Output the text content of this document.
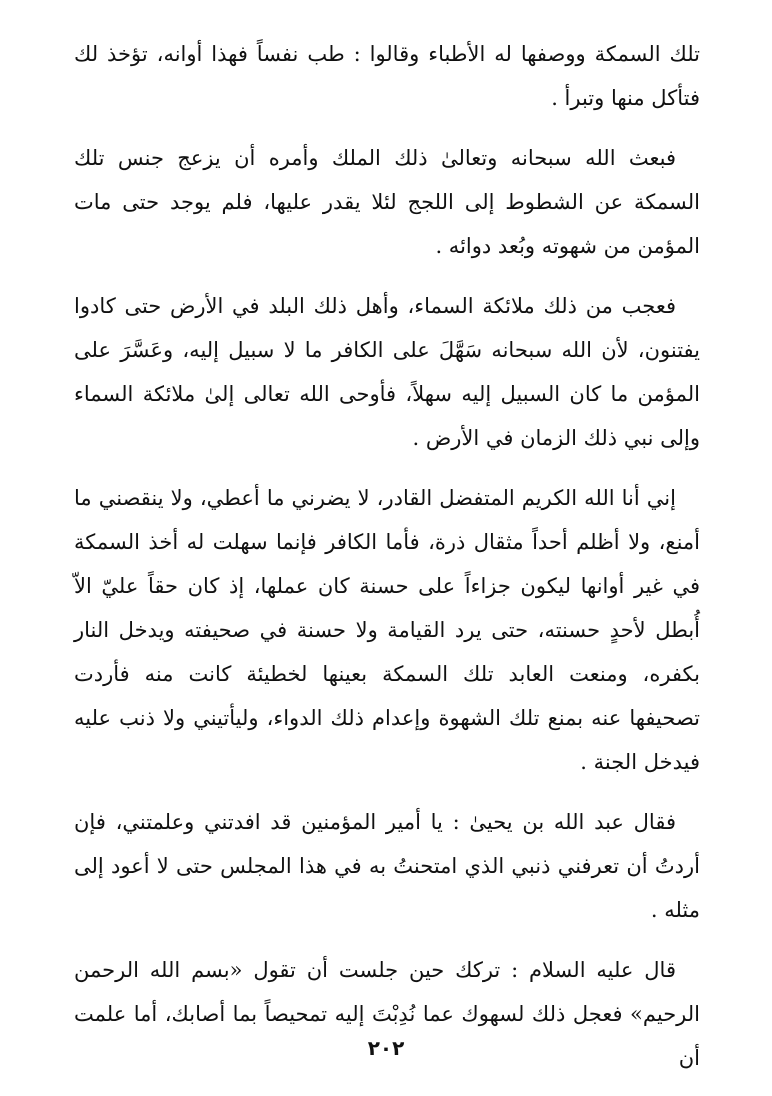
تلك السمكة ووصفها له الأطباء وقالوا : طب نفساً فهذا أوانه، تؤخذ لك فتأكل منها وتبرأ .

فبعث الله سبحانه وتعالىٰ ذلك الملك وأمره أن يزعج جنس تلك السمكة عن الشطوط إلى اللجج لئلا يقدر عليها، فلم يوجد حتى مات المؤمن من شهوته وبُعد دوائه .

فعجب من ذلك ملائكة السماء، وأهل ذلك البلد في الأرض حتى كادوا يفتنون، لأن الله سبحانه سَهَّلَ على الكافر ما لا سبيل إليه، وعَسَّرَ على المؤمن ما كان السبيل إليه سهلاً، فأوحى الله تعالى إلىٰ ملائكة السماء وإلى نبي ذلك الزمان في الأرض .

إني أنا الله الكريم المتفضل القادر، لا يضرني ما أعطي، ولا ينقصني ما أمنع، ولا أظلم أحداً مثقال ذرة، فأما الكافر فإنما سهلت له أخذ السمكة في غير أوانها ليكون جزاءاً على حسنة كان عملها، إذ كان حقاً عليّ الاّ أُبطل لأحدٍ حسنته، حتى يرد القيامة ولا حسنة في صحيفته ويدخل النار بكفره، ومنعت العابد تلك السمكة بعينها لخطيئة كانت منه فأردت تصحيفها عنه بمنع تلك الشهوة وإعدام ذلك الدواء، وليأتيني ولا ذنب عليه فيدخل الجنة .

فقال عبد الله بن يحيىٰ : يا أمير المؤمنين قد افدتني وعلمتني، فإن أردتُ أن تعرفني ذنبي الذي امتحنتُ به في هذا المجلس حتى لا أعود إلى مثله .

قال عليه السلام : تركك حين جلست أن تقول «بسم الله الرحمن الرحيم» فعجل ذلك لسهوك عما نُدِبْتَ إليه تمحيصاً بما أصابك، أما علمت أن

٢٠٢
